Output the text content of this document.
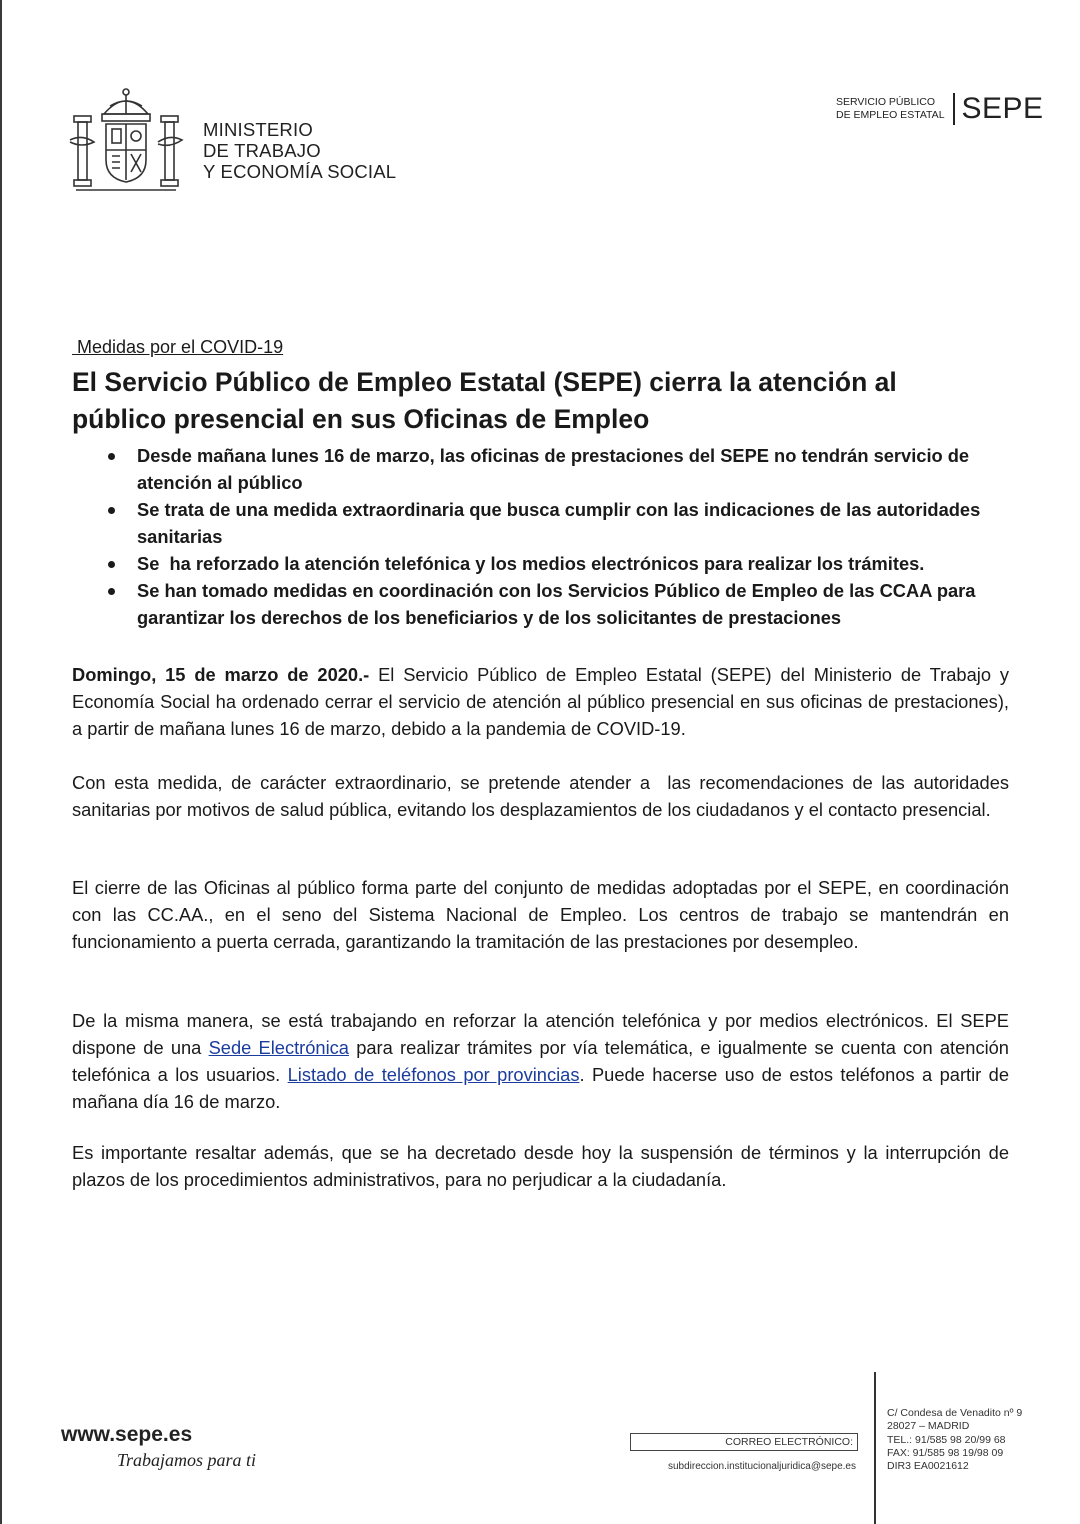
MINISTERIO
DE TRABAJO
Y ECONOMÍA SOCIAL
SERVICIO PÚBLICO
DE EMPLEO ESTATAL SEPE
Medidas por el COVID-19
El Servicio Público de Empleo Estatal (SEPE) cierra la atención al
público presencial en sus Oficinas de Empleo
Desde mañana lunes 16 de marzo, las oficinas de prestaciones del SEPE no tendrán servicio de atención al público
Se trata de una medida extraordinaria que busca cumplir con las indicaciones de las autoridades sanitarias
Se  ha reforzado la atención telefónica y los medios electrónicos para realizar los trámites.
Se han tomado medidas en coordinación con los Servicios Público de Empleo de las CCAA para garantizar los derechos de los beneficiarios y de los solicitantes de prestaciones
Domingo, 15 de marzo de 2020.- El Servicio Público de Empleo Estatal (SEPE) del Ministerio de Trabajo y Economía Social ha ordenado cerrar el servicio de atención al público presencial en sus oficinas de prestaciones), a partir de mañana lunes 16 de marzo, debido a la pandemia de COVID-19.
Con esta medida, de carácter extraordinario, se pretende atender a  las recomendaciones de las autoridades sanitarias por motivos de salud pública, evitando los desplazamientos de los ciudadanos y el contacto presencial.
El cierre de las Oficinas al público forma parte del conjunto de medidas adoptadas por el SEPE, en coordinación con las CC.AA., en el seno del Sistema Nacional de Empleo. Los centros de trabajo se mantendrán en funcionamiento a puerta cerrada, garantizando la tramitación de las prestaciones por desempleo.
De la misma manera, se está trabajando en reforzar la atención telefónica y por medios electrónicos. El SEPE dispone de una Sede Electrónica para realizar trámites por vía telemática, e igualmente se cuenta con atención telefónica a los usuarios. Listado de teléfonos por provincias. Puede hacerse uso de estos teléfonos a partir de mañana día 16 de marzo.
Es importante resaltar además, que se ha decretado desde hoy la suspensión de términos y la interrupción de plazos de los procedimientos administrativos, para no perjudicar a la ciudadanía.
www.sepe.es
Trabajamos para ti
CORREO ELECTRÓNICO:
subdireccion.institucionaljuridica@sepe.es
C/ Condesa de Venadito nº 9
28027 – MADRID
TEL.: 91/585 98 20/99 68
FAX: 91/585 98 19/98 09
DIR3 EA0021612
